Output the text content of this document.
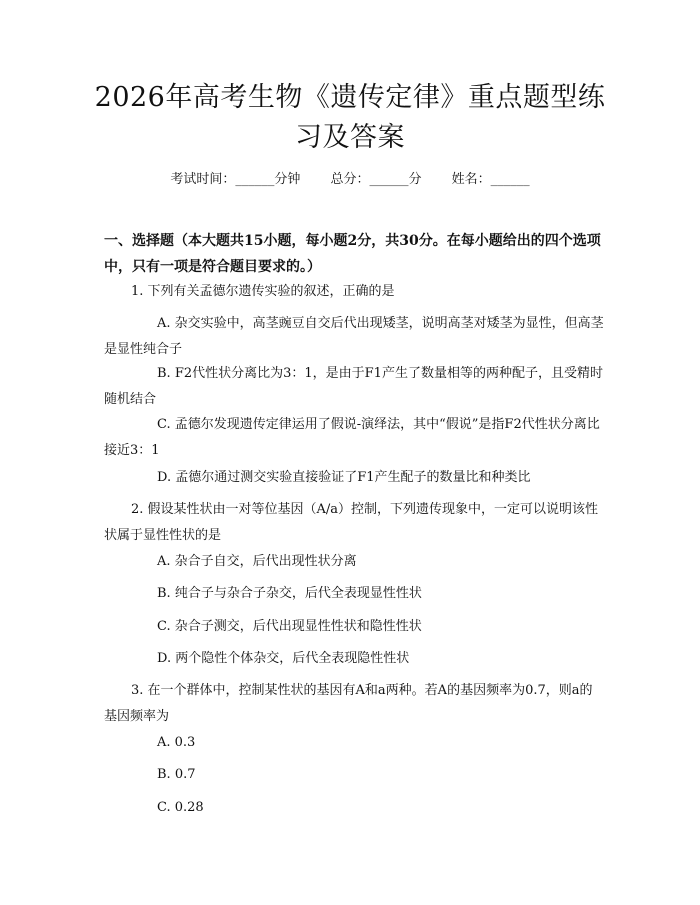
2026年高考生物《遗传定律》重点题型练习及答案
考试时间：______分钟 总分：______分 姓名：______

一、选择题（本大题共15小题，每小题2分，共30分。在每小题给出的四个选项中，只有一项是符合题目要求的。）

1. 下列有关孟德尔遗传实验的叙述，正确的是

A. 杂交实验中，高茎豌豆自交后代出现矮茎，说明高茎对矮茎为显性，但高茎是显性纯合子

B. F2代性状分离比为3：1，是由于F1产生了数量相等的两种配子，且受精时随机结合

C. 孟德尔发现遗传定律运用了假说-演绎法，其中“假说”是指F2代性状分离比接近3：1

D. 孟德尔通过测交实验直接验证了F1产生配子的数量比和种类比

2. 假设某性状由一对等位基因（A/a）控制，下列遗传现象中，一定可以说明该性状属于显性性状的是

A. 杂合子自交，后代出现性状分离

B. 纯合子与杂合子杂交，后代全表现显性性状

C. 杂合子测交，后代出现显性性状和隐性性状

D. 两个隐性个体杂交，后代全表现隐性性状

3. 在一个群体中，控制某性状的基因有A和a两种。若A的基因频率为0.7，则a的基因频率为

A. 0.3

B. 0.7

C. 0.28
